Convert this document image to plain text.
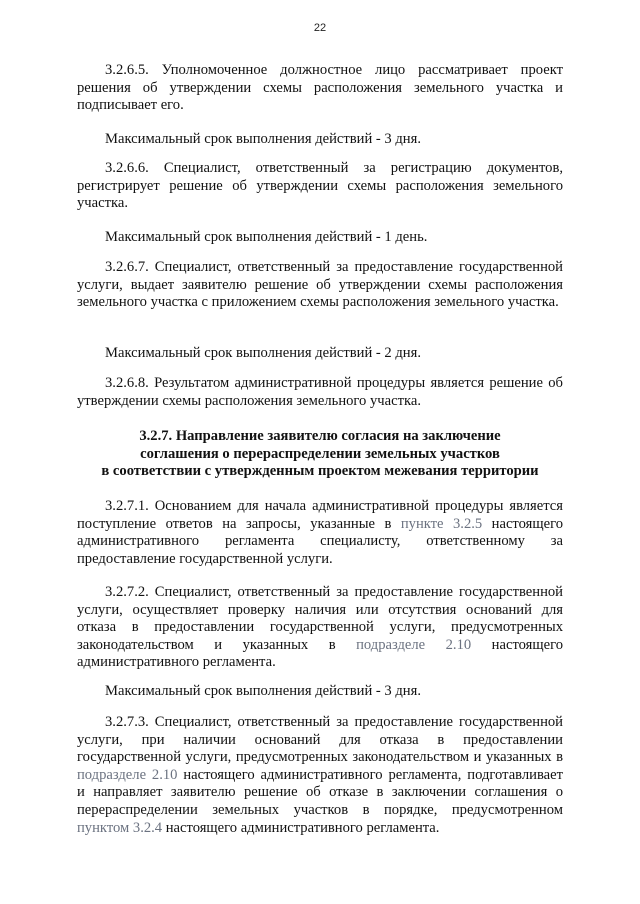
22

3.2.6.5. Уполномоченное должностное лицо рассматривает проект решения об утверждении схемы расположения земельного участка и подписывает его.

Максимальный срок выполнения действий - 3 дня.

3.2.6.6. Специалист, ответственный за регистрацию документов, регистрирует решение об утверждении схемы расположения земельного участка.

Максимальный срок выполнения действий - 1 день.

3.2.6.7. Специалист, ответственный за предоставление государственной услуги, выдает заявителю решение об утверждении схемы расположения земельного участка с приложением схемы расположения земельного участка.

Максимальный срок выполнения действий - 2 дня.

3.2.6.8. Результатом административной процедуры является решение об утверждении схемы расположения земельного участка.

3.2.7. Направление заявителю согласия на заключение
соглашения о перераспределении земельных участков
в соответствии с утвержденным проектом межевания территории

3.2.7.1. Основанием для начала административной процедуры является поступление ответов на запросы, указанные в пункте 3.2.5 настоящего административного регламента специалисту, ответственному за предоставление государственной услуги.

3.2.7.2. Специалист, ответственный за предоставление государственной услуги, осуществляет проверку наличия или отсутствия оснований для отказа в предоставлении государственной услуги, предусмотренных законодательством и указанных в подразделе 2.10 настоящего административного регламента.

Максимальный срок выполнения действий - 3 дня.

3.2.7.3. Специалист, ответственный за предоставление государственной услуги, при наличии оснований для отказа в предоставлении государственной услуги, предусмотренных законодательством и указанных в подразделе 2.10 настоящего административного регламента, подготавливает и направляет заявителю решение об отказе в заключении соглашения о перераспределении земельных участков в порядке, предусмотренном пунктом 3.2.4 настоящего административного регламента.
